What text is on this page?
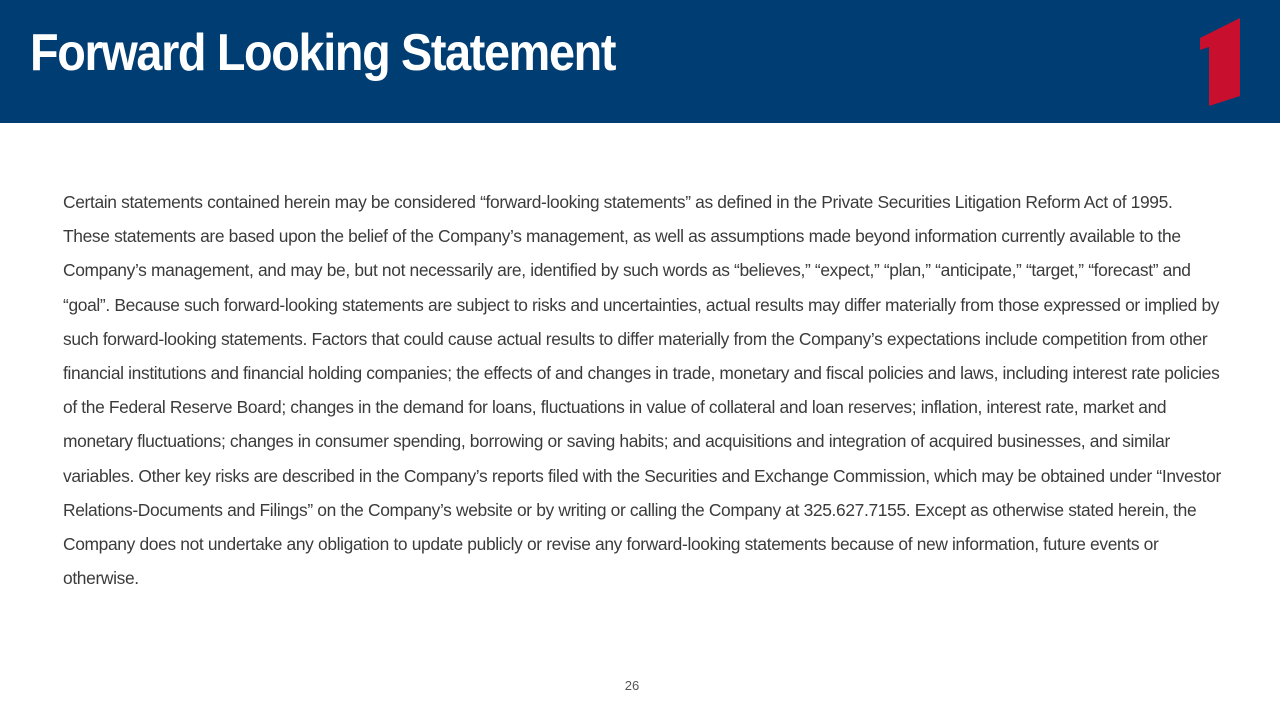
Forward Looking Statement

Certain statements contained herein may be considered “forward-looking statements” as defined in the Private Securities Litigation Reform Act of 1995. These statements are based upon the belief of the Company’s management, as well as assumptions made beyond information currently available to the Company’s management, and may be, but not necessarily are, identified by such words as “believes,” “expect,” “plan,” “anticipate,” “target,” “forecast” and “goal”. Because such forward-looking statements are subject to risks and uncertainties, actual results may differ materially from those expressed or implied by such forward-looking statements. Factors that could cause actual results to differ materially from the Company’s expectations include competition from other financial institutions and financial holding companies; the effects of and changes in trade, monetary and fiscal policies and laws, including interest rate policies of the Federal Reserve Board; changes in the demand for loans, fluctuations in value of collateral and loan reserves; inflation, interest rate, market and monetary fluctuations; changes in consumer spending, borrowing or saving habits; and acquisitions and integration of acquired businesses, and similar variables. Other key risks are described in the Company’s reports filed with the Securities and Exchange Commission, which may be obtained under “Investor Relations-Documents and Filings” on the Company’s website or by writing or calling the Company at 325.627.7155. Except as otherwise stated herein, the Company does not undertake any obligation to update publicly or revise any forward-looking statements because of new information, future events or otherwise.

26
